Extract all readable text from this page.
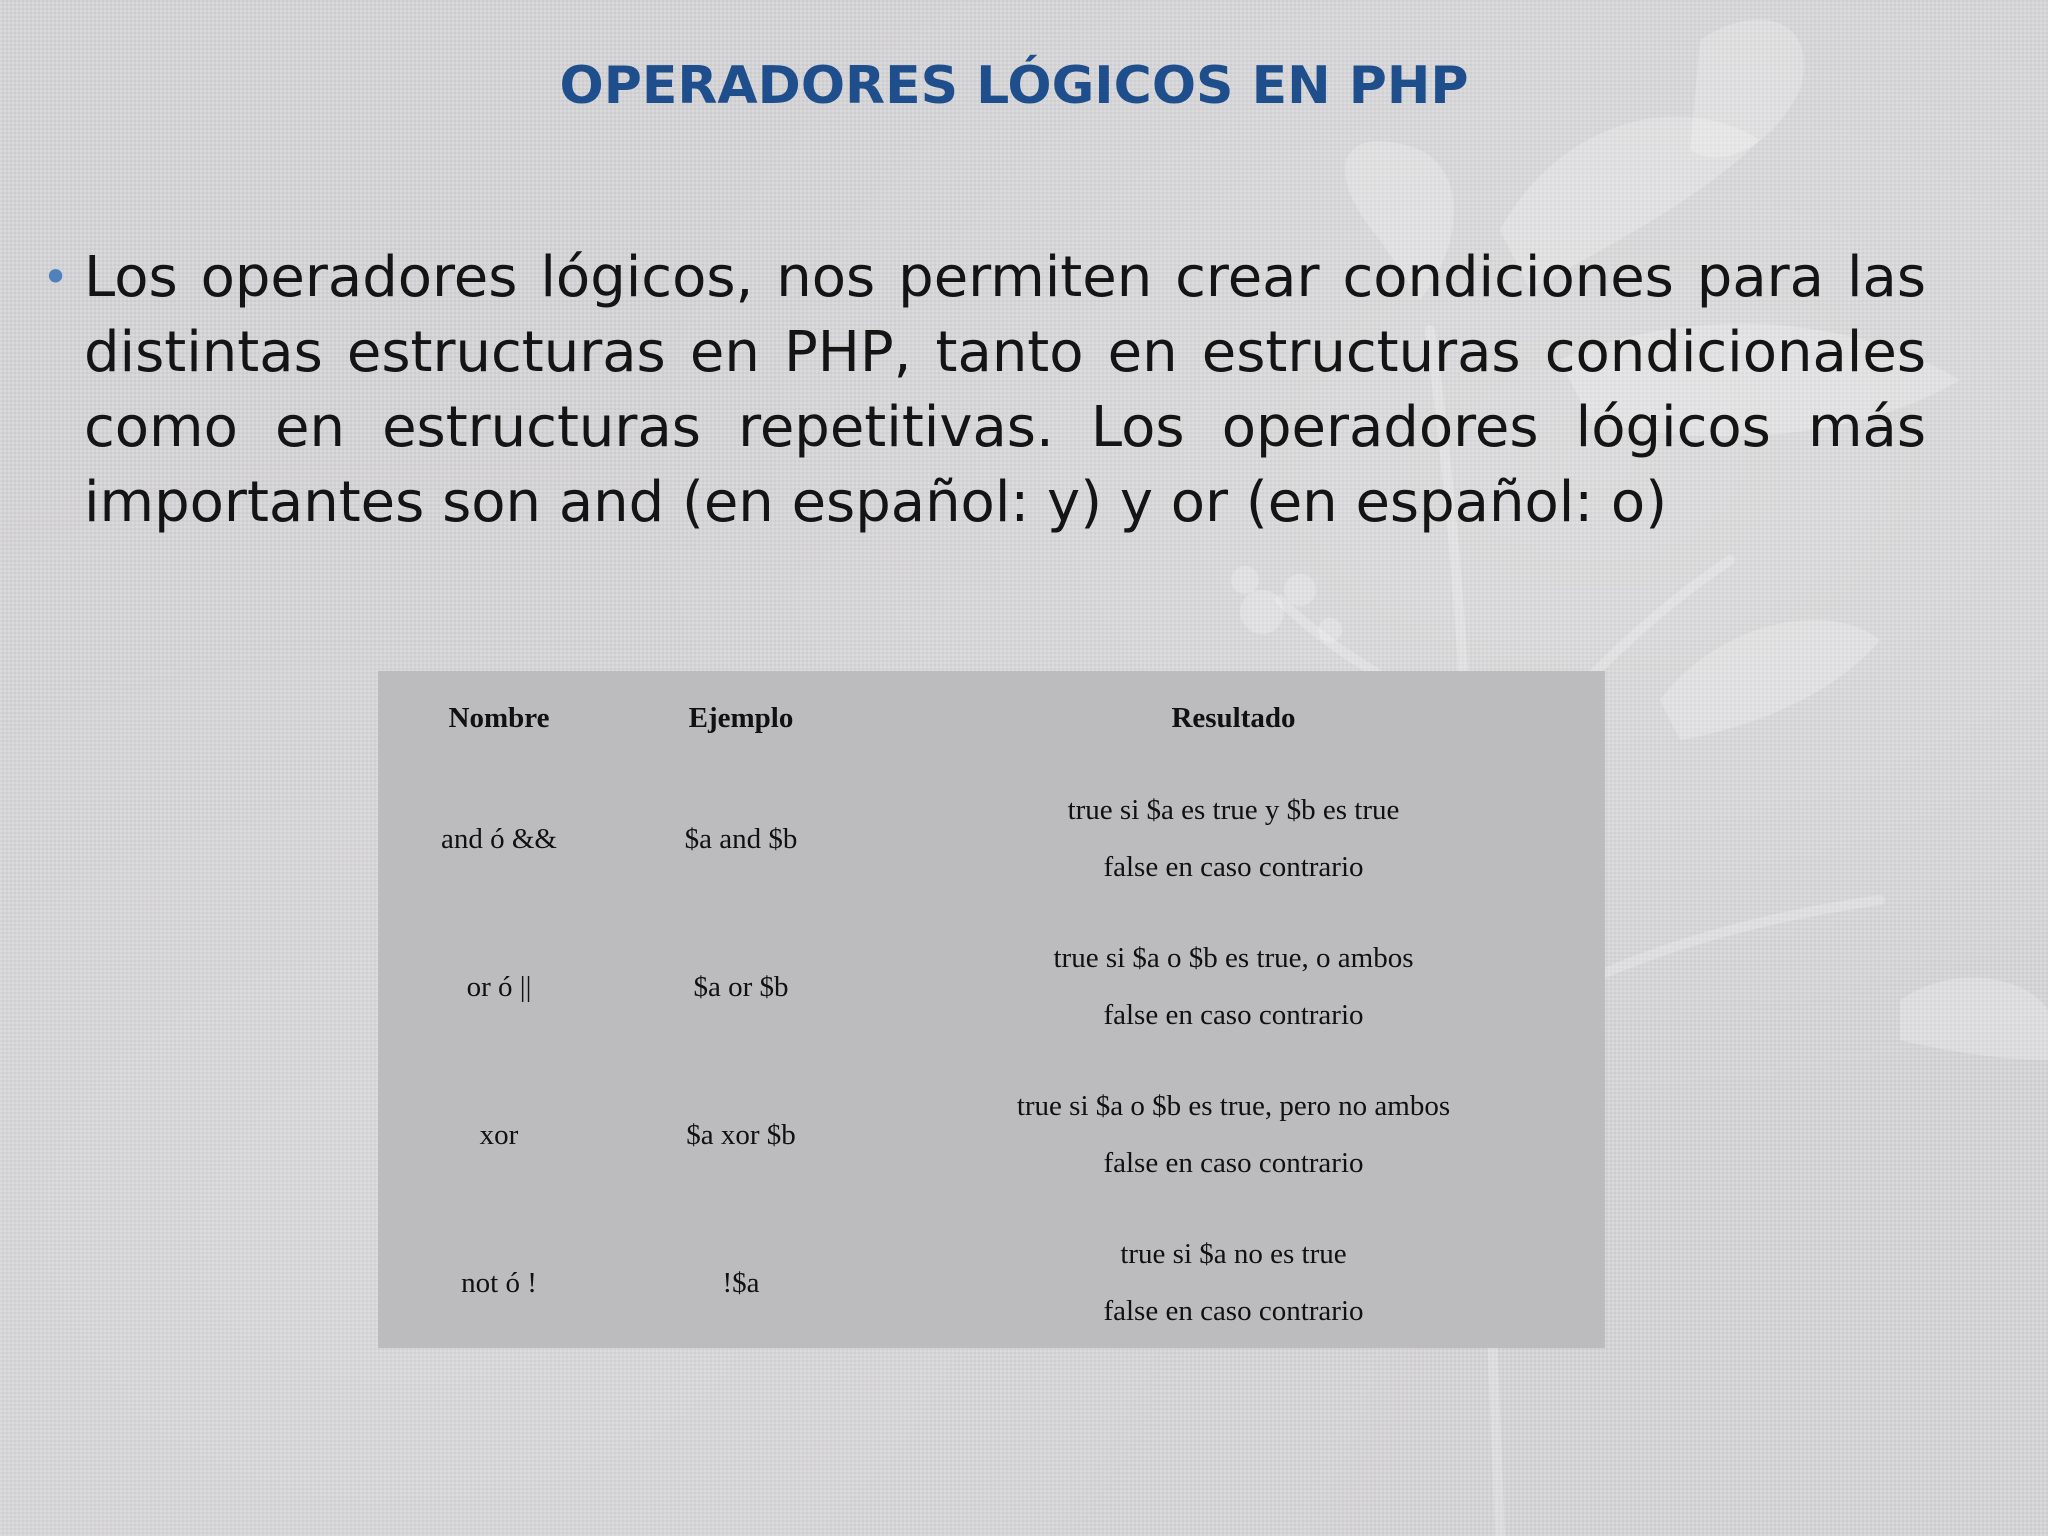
OPERADORES LÓGICOS EN PHP
• Los operadores lógicos, nos permiten crear condiciones para las distintas estructuras en PHP, tanto en estructuras condicionales como en estructuras repetitivas. Los operadores lógicos más importantes son and (en español: y) y or (en español: o)

Nombre	Ejemplo	Resultado
and ó &&	$a and $b	true si $a es true y $b es true
false en caso contrario

or ó ||	$a or $b	true si $a o $b es true, o ambos
false en caso contrario

xor	$a xor $b	true si $a o $b es true, pero no ambos
false en caso contrario

not ó !	!$a	true si $a no es true
false en caso contrario
